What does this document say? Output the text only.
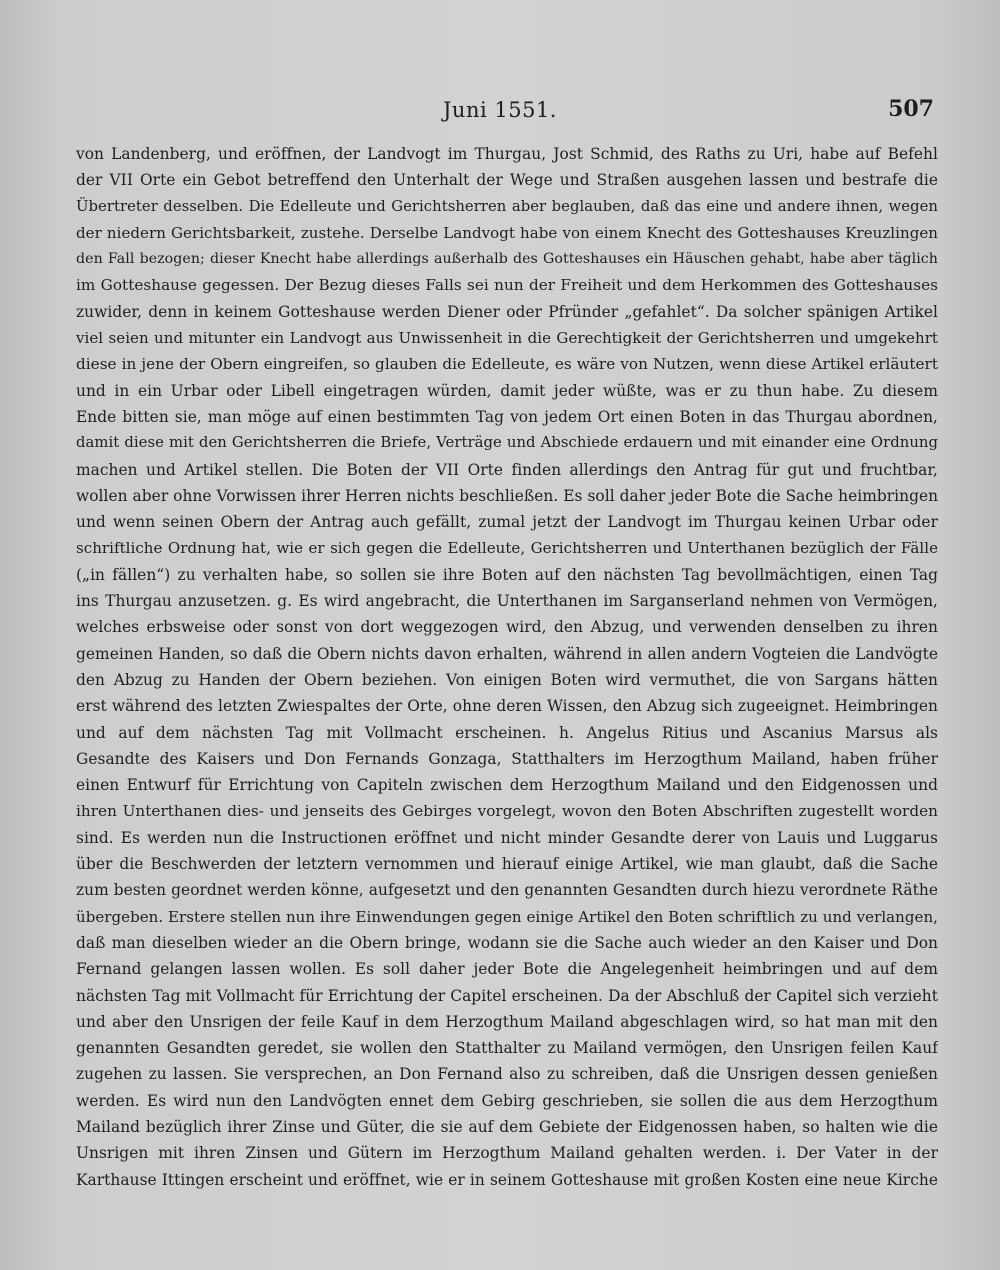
Juni 1551.	507
von Landenberg, und eröffnen, der Landvogt im Thurgau, Jost Schmid, des Raths zu Uri, habe auf Befehl
der VII Orte ein Gebot betreffend den Unterhalt der Wege und Straßen ausgehen lassen und bestrafe die
Übertreter desselben. Die Edelleute und Gerichtsherren aber beglauben, daß das eine und andere ihnen, wegen
der niedern Gerichtsbarkeit, zustehe. Derselbe Landvogt habe von einem Knecht des Gotteshauses Kreuzlingen
den Fall bezogen; dieser Knecht habe allerdings außerhalb des Gotteshauses ein Häuschen gehabt, habe aber täglich
im Gotteshause gegessen. Der Bezug dieses Falls sei nun der Freiheit und dem Herkommen des Gotteshauses
zuwider, denn in keinem Gotteshause werden Diener oder Pfründer „gefahlet“. Da solcher spänigen Artikel
viel seien und mitunter ein Landvogt aus Unwissenheit in die Gerechtigkeit der Gerichtsherren und umgekehrt
diese in jene der Obern eingreifen, so glauben die Edelleute, es wäre von Nutzen, wenn diese Artikel erläutert
und in ein Urbar oder Libell eingetragen würden, damit jeder wüßte, was er zu thun habe. Zu diesem
Ende bitten sie, man möge auf einen bestimmten Tag von jedem Ort einen Boten in das Thurgau abordnen,
damit diese mit den Gerichtsherren die Briefe, Verträge und Abschiede erdauern und mit einander eine Ordnung
machen und Artikel stellen. Die Boten der VII Orte finden allerdings den Antrag für gut und fruchtbar,
wollen aber ohne Vorwissen ihrer Herren nichts beschließen. Es soll daher jeder Bote die Sache heimbringen
und wenn seinen Obern der Antrag auch gefällt, zumal jetzt der Landvogt im Thurgau keinen Urbar oder
schriftliche Ordnung hat, wie er sich gegen die Edelleute, Gerichtsherren und Unterthanen bezüglich der Fälle
(„in fällen“) zu verhalten habe, so sollen sie ihre Boten auf den nächsten Tag bevollmächtigen, einen Tag
ins Thurgau anzusetzen. g. Es wird angebracht, die Unterthanen im Sarganserland nehmen von Vermögen,
welches erbsweise oder sonst von dort weggezogen wird, den Abzug, und verwenden denselben zu ihren
gemeinen Handen, so daß die Obern nichts davon erhalten, während in allen andern Vogteien die Landvögte
den Abzug zu Handen der Obern beziehen. Von einigen Boten wird vermuthet, die von Sargans hätten
erst während des letzten Zwiespaltes der Orte, ohne deren Wissen, den Abzug sich zugeeignet. Heimbringen
und auf dem nächsten Tag mit Vollmacht erscheinen. h. Angelus Ritius und Ascanius Marsus als
Gesandte des Kaisers und Don Fernands Gonzaga, Statthalters im Herzogthum Mailand, haben früher
einen Entwurf für Errichtung von Capiteln zwischen dem Herzogthum Mailand und den Eidgenossen und
ihren Unterthanen dies- und jenseits des Gebirges vorgelegt, wovon den Boten Abschriften zugestellt worden
sind. Es werden nun die Instructionen eröffnet und nicht minder Gesandte derer von Lauis und Luggarus
über die Beschwerden der letztern vernommen und hierauf einige Artikel, wie man glaubt, daß die Sache
zum besten geordnet werden könne, aufgesetzt und den genannten Gesandten durch hiezu verordnete Räthe
übergeben. Erstere stellen nun ihre Einwendungen gegen einige Artikel den Boten schriftlich zu und verlangen,
daß man dieselben wieder an die Obern bringe, wodann sie die Sache auch wieder an den Kaiser und Don
Fernand gelangen lassen wollen. Es soll daher jeder Bote die Angelegenheit heimbringen und auf dem
nächsten Tag mit Vollmacht für Errichtung der Capitel erscheinen. Da der Abschluß der Capitel sich verzieht
und aber den Unsrigen der feile Kauf in dem Herzogthum Mailand abgeschlagen wird, so hat man mit den
genannten Gesandten geredet, sie wollen den Statthalter zu Mailand vermögen, den Unsrigen feilen Kauf
zugehen zu lassen. Sie versprechen, an Don Fernand also zu schreiben, daß die Unsrigen dessen genießen
werden. Es wird nun den Landvögten ennet dem Gebirg geschrieben, sie sollen die aus dem Herzogthum
Mailand bezüglich ihrer Zinse und Güter, die sie auf dem Gebiete der Eidgenossen haben, so halten wie die
Unsrigen mit ihren Zinsen und Gütern im Herzogthum Mailand gehalten werden. i. Der Vater in der
Karthause Ittingen erscheint und eröffnet, wie er in seinem Gotteshause mit großen Kosten eine neue Kirche
